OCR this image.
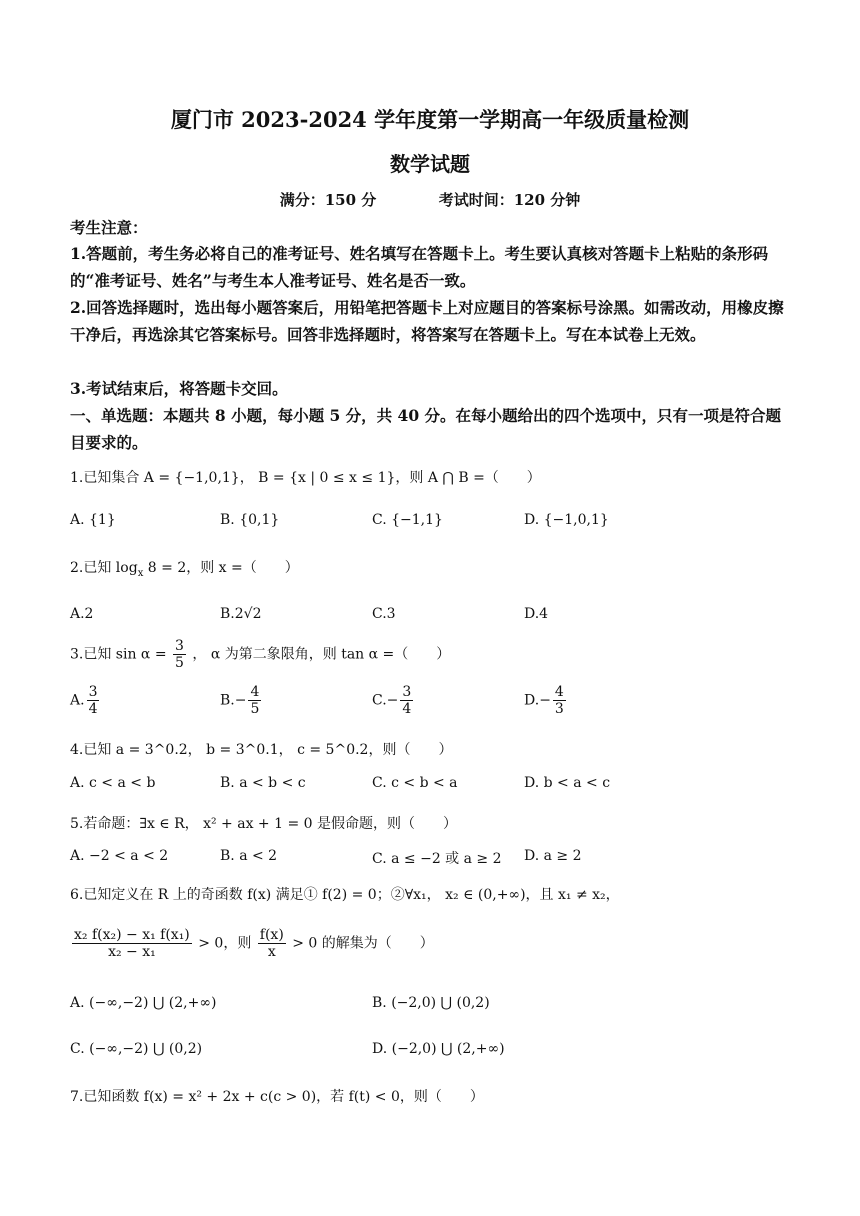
厦门市 2023-2024 学年度第一学期高一年级质量检测
数学试题
满分：150 分	考试时间：120 分钟
考生注意：

1.答题前，考生务必将自己的准考证号、姓名填写在答题卡上。考生要认真核对答题卡上粘贴的条形码的“准考证号、姓名”与考生本人准考证号、姓名是否一致。

2.回答选择题时，选出每小题答案后，用铅笔把答题卡上对应题目的答案标号涂黑。如需改动，用橡皮擦干净后，再选涂其它答案标号。回答非选择题时，将答案写在答题卡上。写在本试卷上无效。

3.考试结束后，将答题卡交回。

一、单选题：本题共 8 小题，每小题 5 分，共 40 分。在每小题给出的四个选项中，只有一项是符合题目要求的。

1.已知集合 A = {−1,0,1}， B = {x | 0 ≤ x ≤ 1}，则 A ⋂ B =（　　）
A. {1}	B. {0,1}	C. {−1,1}	D. {−1,0,1}
2.已知 $\log_x 8 = 2$，则 x =（　　）
A.2	B.2√2	C.3	D.4
3.已知 $\sin \alpha = \frac{3}{5}$ ， α 为第二象限角，则 tan α =（　　）
A. $\frac{3}{4}$	$B.- \frac{4}{5}$	$C.- \frac{3}{4}$	$D.- \frac{4}{3}$
4.已知 a = 3^0.2， b = 3^0.1， c = 5^0.2，则（　　）
A. c < a < b	B. a < b < c	C. c < b < a	D. b < a < c
5.若命题：∃x ∈ R， x² + ax + 1 = 0 是假命题，则（　　）
A. −2 < a < 2	B. a < 2	C. a ≤ −2 或 a ≥ 2 D. a ≥ 2
6.已知定义在 R 上的奇函数 f(x) 满足① f(2) = 0；②∀x₁， x₂ ∈ (0,+∞)，且 x₁ ≠ x₂，
$\frac{\text{x₂ f(x₂) − x₁ f(x₁)}}{\text{x₂ − x₁}} > 0$，则 $\frac{f(x)}{x} > 0$ 的解集为（　　）
A. (−∞,−2) ⋃ (2,+∞)	B. (−2,0) ⋃ (0,2)
C. (−∞,−2) ⋃ (0,2)	D. (−2,0) ⋃ (2,+∞)
7.已知函数 f(x) = x² + 2x + c(c > 0)，若 f(t) < 0，则（　　）
